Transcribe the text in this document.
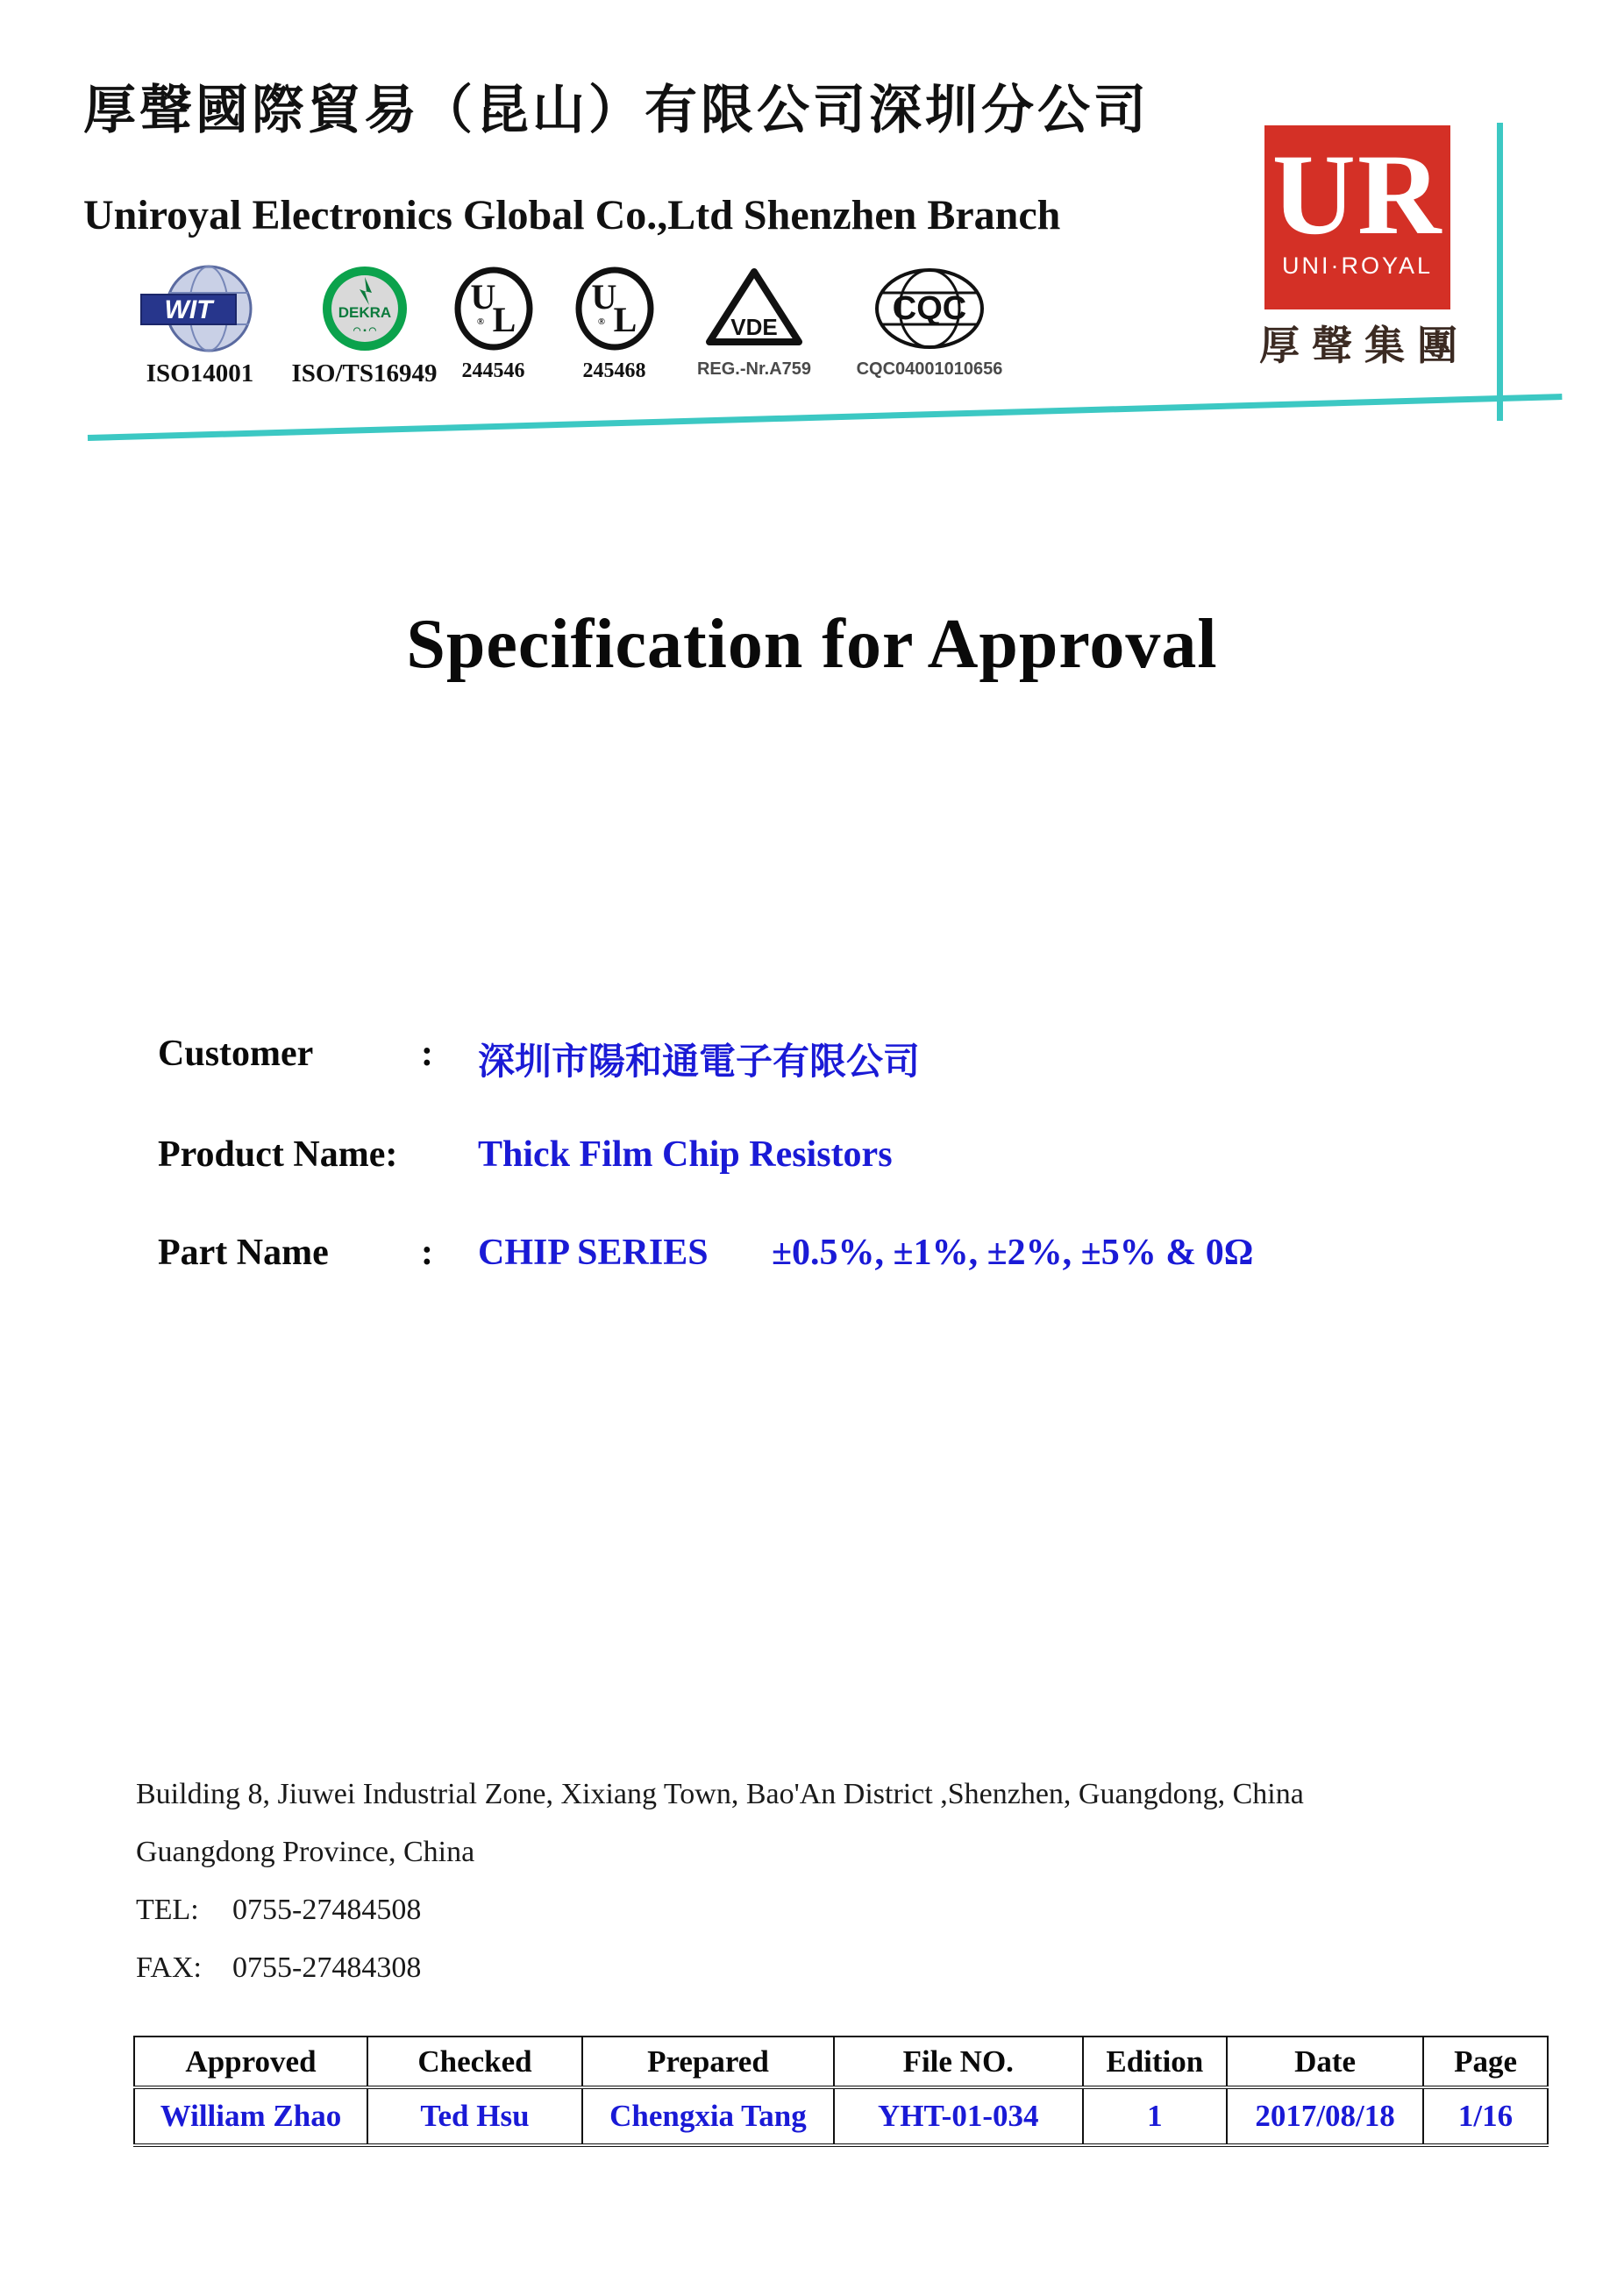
厚聲國際貿易（昆山）有限公司深圳分公司
Uniroyal Electronics Global Co.,Ltd Shenzhen Branch
WIT
ISO14001
DEKRA
◠ ▪ ◠
ISO/TS16949
U
L
®
244546
U
L
®
245468
VDE
REG.-Nr.A759
CQC
CQC04001010656
UR
UNI·ROYAL
厚聲集團
Specification for Approval
Customer	: 深圳市陽和通電子有限公司
Product Name: Thick Film Chip Resistors
Part Name	: CHIP SERIES ±0.5%, ±1%, ±2%, ±5% & 0Ω
Building 8, Jiuwei Industrial Zone, Xixiang Town, Bao'An District ,Shenzhen, Guangdong, China
Guangdong Province, China
TEL: 0755-27484508
FAX: 0755-27484308
Approved	Checked	Prepared	File NO.	Edition	Date	Page
William Zhao	Ted Hsu	Chengxia Tang	YHT-01-034	1	2017/08/18	1/16
